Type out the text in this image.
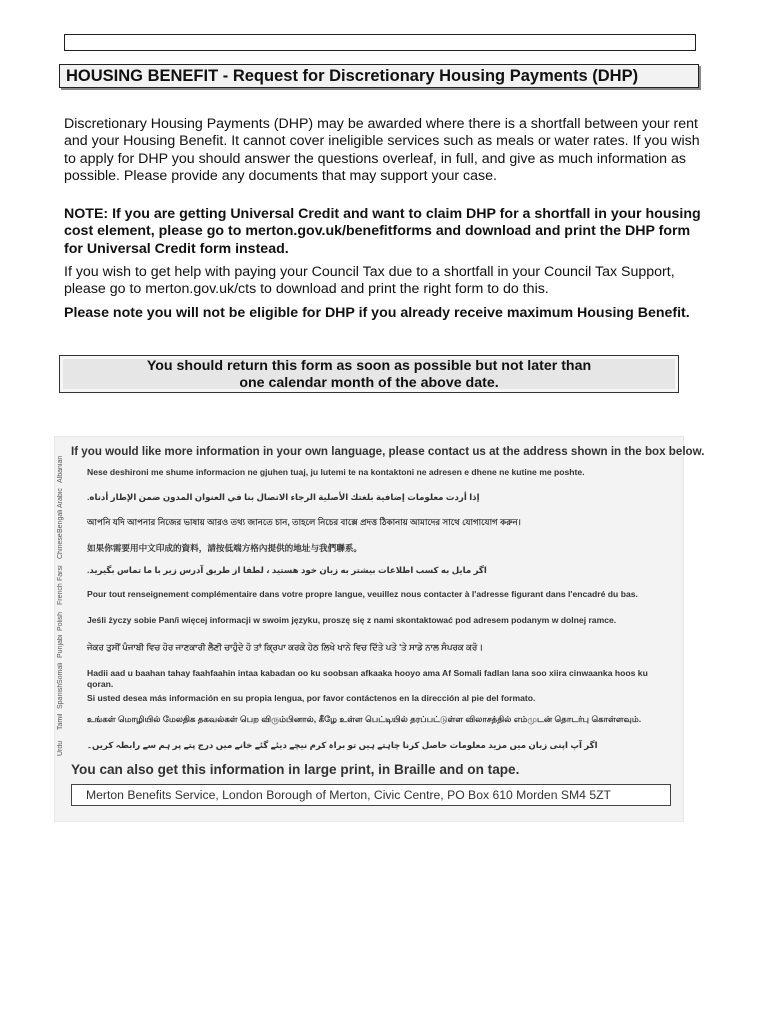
HOUSING BENEFIT - Request for Discretionary Housing Payments (DHP)

Discretionary Housing Payments (DHP) may be awarded where there is a shortfall between your rent and your Housing Benefit. It cannot cover ineligible services such as meals or water rates. If you wish to apply for DHP you should answer the questions overleaf, in full, and give as much information as possible. Please provide any documents that may support your case.

NOTE: If you are getting Universal Credit and want to claim DHP for a shortfall in your housing cost element, please go to merton.gov.uk/benefitforms and download and print the DHP form for Universal Credit form instead.

If you wish to get help with paying your Council Tax due to a shortfall in your Council Tax Support, please go to merton.gov.uk/cts to download and print the right form to do this.

Please note you will not be eligible for DHP if you already receive maximum Housing Benefit.

You should return this form as soon as possible but not later than
one calendar month of the above date.
If you would like more information in your own language, please contact us at the address shown in the box below.
Albanian	Nese deshironi me shume informacion ne gjuhen tuaj, ju lutemi te na kontaktoni ne adresen e dhene ne kutine me poshte.
Arabic	إذا أردت معلومات إضافية بلغتك الأصلية الرجاء الاتصال بنا في العنوان المدون ضمن الإطار أدناه.
Bengali	আপনি যদি আপনার নিজের ভাষায় আরও তথ্য জানতে চান, তাহলে নিচের বাক্সে প্রদত্ত ঠিকানায় আমাদের সাথে যোগাযোগ করুন।
Chinese	如果你需要用中文印成的資料，請按低端方格內提供的地址与我們聯系。
Farsi	اگر مایل به کسب اطلاعات بیشتر به زبان خود هستید ، لطفا از طریق آدرس زیر با ما تماس بگیرید.
French	Pour tout renseignement complémentaire dans votre propre langue, veuillez nous contacter à l'adresse figurant dans l'encadré du bas.
Polish	Jeśli życzy sobie Pan/i więcej informacji w swoim języku, proszę się z nami skontaktować pod adresem podanym w dolnej ramce.
Punjabi	ਜੇਕਰ ਤੁਸੀਂ ਪੰਜਾਬੀ ਵਿਚ ਹੋਰ ਜਾਣਕਾਰੀ ਲੈਣੀ ਚਾਹੁੰਦੇ ਹੋ ਤਾਂ ਕ੍ਰਿਪਾ ਕਰਕੇ ਹੇਠ ਲਿਖੇ ਖਾਨੇ ਵਿਚ ਦਿੱਤੇ ਪਤੇ 'ਤੇ ਸਾਡੇ ਨਾਲ ਸੰਪਰਕ ਕਰੋ।
Somali	Hadii aad u baahan tahay faahfaahin intaa kabadan oo ku soobsan afkaaka hooyo ama Af Somali fadlan lana soo xiira cinwaanka hoos ku qoran.
Spanish	Si usted desea más información en su propia lengua, por favor contáctenos en la dirección al pie del formato.
Tamil	உங்கள் மொழியில் மேலதிக தகவல்கள் பெற விரும்பினால், கீழே உள்ள பெட்டியில் தரப்பட்டுள்ள விலாசத்தில் எம்முடன் தொடர்பு கொள்ளவும்.
Urdu	اگر آپ اپنی زبان میں مزید معلومات حاصل کرنا چاہتے ہیں تو براہ کرم نیچے دیئے گئے خانے میں درج پتے پر ہم سے رابطہ کریں۔
You can also get this information in large print, in Braille and on tape.
Merton Benefits Service, London Borough of Merton, Civic Centre, PO Box 610 Morden SM4 5ZT
